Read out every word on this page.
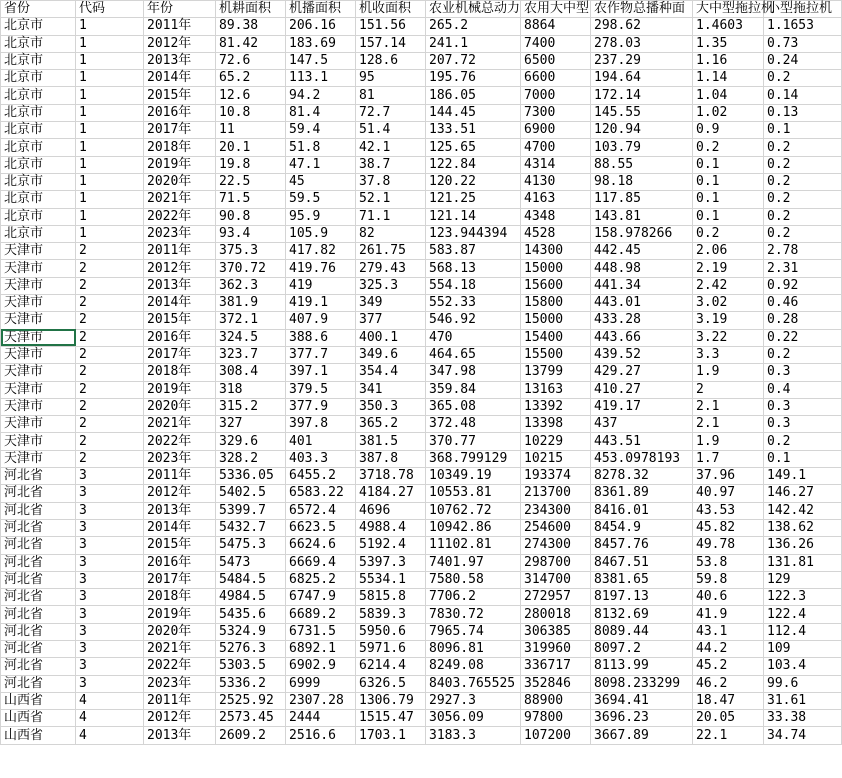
省份	代码	年份	机耕面积	机播面积	机收面积	农业机械总动力	农用大中型	农作物总播种面	大中型拖拉机	小型拖拉机
北京市	1	2011年	89.38	206.16	151.56	265.2	8864	298.62	1.4603	1.1653
北京市	1	2012年	81.42	183.69	157.14	241.1	7400	278.03	1.35	0.73
北京市	1	2013年	72.6	147.5	128.6	207.72	6500	237.29	1.16	0.24
北京市	1	2014年	65.2	113.1	95	195.76	6600	194.64	1.14	0.2
北京市	1	2015年	12.6	94.2	81	186.05	7000	172.14	1.04	0.14
北京市	1	2016年	10.8	81.4	72.7	144.45	7300	145.55	1.02	0.13
北京市	1	2017年	11	59.4	51.4	133.51	6900	120.94	0.9	0.1
北京市	1	2018年	20.1	51.8	42.1	125.65	4700	103.79	0.2	0.2
北京市	1	2019年	19.8	47.1	38.7	122.84	4314	88.55	0.1	0.2
北京市	1	2020年	22.5	45	37.8	120.22	4130	98.18	0.1	0.2
北京市	1	2021年	71.5	59.5	52.1	121.25	4163	117.85	0.1	0.2
北京市	1	2022年	90.8	95.9	71.1	121.14	4348	143.81	0.1	0.2
北京市	1	2023年	93.4	105.9	82	123.944394	4528	158.978266	0.2	0.2
天津市	2	2011年	375.3	417.82	261.75	583.87	14300	442.45	2.06	2.78
天津市	2	2012年	370.72	419.76	279.43	568.13	15000	448.98	2.19	2.31
天津市	2	2013年	362.3	419	325.3	554.18	15600	441.34	2.42	0.92
天津市	2	2014年	381.9	419.1	349	552.33	15800	443.01	3.02	0.46
天津市	2	2015年	372.1	407.9	377	546.92	15000	433.28	3.19	0.28
天津市	2	2016年	324.5	388.6	400.1	470	15400	443.66	3.22	0.22
天津市	2	2017年	323.7	377.7	349.6	464.65	15500	439.52	3.3	0.2
天津市	2	2018年	308.4	397.1	354.4	347.98	13799	429.27	1.9	0.3
天津市	2	2019年	318	379.5	341	359.84	13163	410.27	2	0.4
天津市	2	2020年	315.2	377.9	350.3	365.08	13392	419.17	2.1	0.3
天津市	2	2021年	327	397.8	365.2	372.48	13398	437	2.1	0.3
天津市	2	2022年	329.6	401	381.5	370.77	10229	443.51	1.9	0.2
天津市	2	2023年	328.2	403.3	387.8	368.799129	10215	453.0978193	1.7	0.1
河北省	3	2011年	5336.05	6455.2	3718.78	10349.19	193374	8278.32	37.96	149.1
河北省	3	2012年	5402.5	6583.22	4184.27	10553.81	213700	8361.89	40.97	146.27
河北省	3	2013年	5399.7	6572.4	4696	10762.72	234300	8416.01	43.53	142.42
河北省	3	2014年	5432.7	6623.5	4988.4	10942.86	254600	8454.9	45.82	138.62
河北省	3	2015年	5475.3	6624.6	5192.4	11102.81	274300	8457.76	49.78	136.26
河北省	3	2016年	5473	6669.4	5397.3	7401.97	298700	8467.51	53.8	131.81
河北省	3	2017年	5484.5	6825.2	5534.1	7580.58	314700	8381.65	59.8	129
河北省	3	2018年	4984.5	6747.9	5815.8	7706.2	272957	8197.13	40.6	122.3
河北省	3	2019年	5435.6	6689.2	5839.3	7830.72	280018	8132.69	41.9	122.4
河北省	3	2020年	5324.9	6731.5	5950.6	7965.74	306385	8089.44	43.1	112.4
河北省	3	2021年	5276.3	6892.1	5971.6	8096.81	319960	8097.2	44.2	109
河北省	3	2022年	5303.5	6902.9	6214.4	8249.08	336717	8113.99	45.2	103.4
河北省	3	2023年	5336.2	6999	6326.5	8403.765525	352846	8098.233299	46.2	99.6
山西省	4	2011年	2525.92	2307.28	1306.79	2927.3	88900	3694.41	18.47	31.61
山西省	4	2012年	2573.45	2444	1515.47	3056.09	97800	3696.23	20.05	33.38
山西省	4	2013年	2609.2	2516.6	1703.1	3183.3	107200	3667.89	22.1	34.74
